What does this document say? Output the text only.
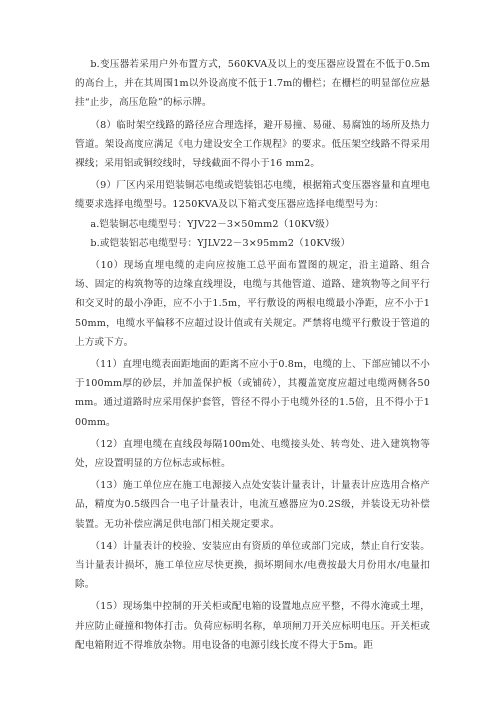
b.变压器若采用户外布置方式，560KVA及以上的变压器应设置在不低于0.5m的高台上，并在其周围1m以外设高度不低于1.7m的栅栏；在栅栏的明显部位应悬挂“止步，高压危险”的标示牌。

（8）临时架空线路的路径应合理选择，避开易撞、易碰、易腐蚀的场所及热力管道。架设高度应满足《电力建设安全工作规程》的要求。低压架空线路不得采用裸线；采用铝或铜绞线时，导线截面不得小于16 mm2。

（9）厂区内采用铠装铜芯电缆或铠装铝芯电缆，根据箱式变压器容量和直埋电缆要求选择电缆型号。1250KVA及以下箱式变压器应选择电缆型号为：

a.铠装铜芯电缆型号：YJV22－3×50mm2（10KV级）

b.或铠装铝芯电缆型号：YJLV22－3×95mm2（10KV级）

（10）现场直埋电缆的走向应按施工总平面布置图的规定，沿主道路、组合场、固定的构筑物等的边缘直线埋设，电缆与其他管道、道路、建筑物等之间平行和交叉时的最小净距，应不小于1.5m，平行敷设的两根电缆最小净距，应不小于150mm，电缆水平偏移不应超过设计值或有关规定。严禁将电缆平行敷设于管道的上方或下方。

（11）直埋电缆表面距地面的距离不应小于0.8m，电缆的上、下部应铺以不小于100mm厚的砂层，并加盖保护板（或铺砖），其覆盖宽度应超过电缆两侧各50mm。通过道路时应采用保护套管，管径不得小于电缆外径的1.5倍，且不得小于100mm。

（12）直埋电缆在直线段每隔100m处、电缆接头处、转弯处、进入建筑物等处，应设置明显的方位标志或标桩。

（13）施工单位应在施工电源接入点处安装计量表计，计量表计应选用合格产品，精度为0.5级四合一电子计量表计，电流互感器应为0.2S级，并装设无功补偿装置。无功补偿应满足供电部门相关规定要求。

（14）计量表计的校验、安装应由有资质的单位或部门完成，禁止自行安装。当计量表计损坏，施工单位应尽快更换，损坏期间水/电费按最大月份用水/电量扣除。

（15）现场集中控制的开关柜或配电箱的设置地点应平整，不得水淹或土埋，并应防止碰撞和物体打击。负荷应标明名称，单项闸刀开关应标明电压。开关柜或配电箱附近不得堆放杂物。用电设备的电源引线长度不得大于5m。距
